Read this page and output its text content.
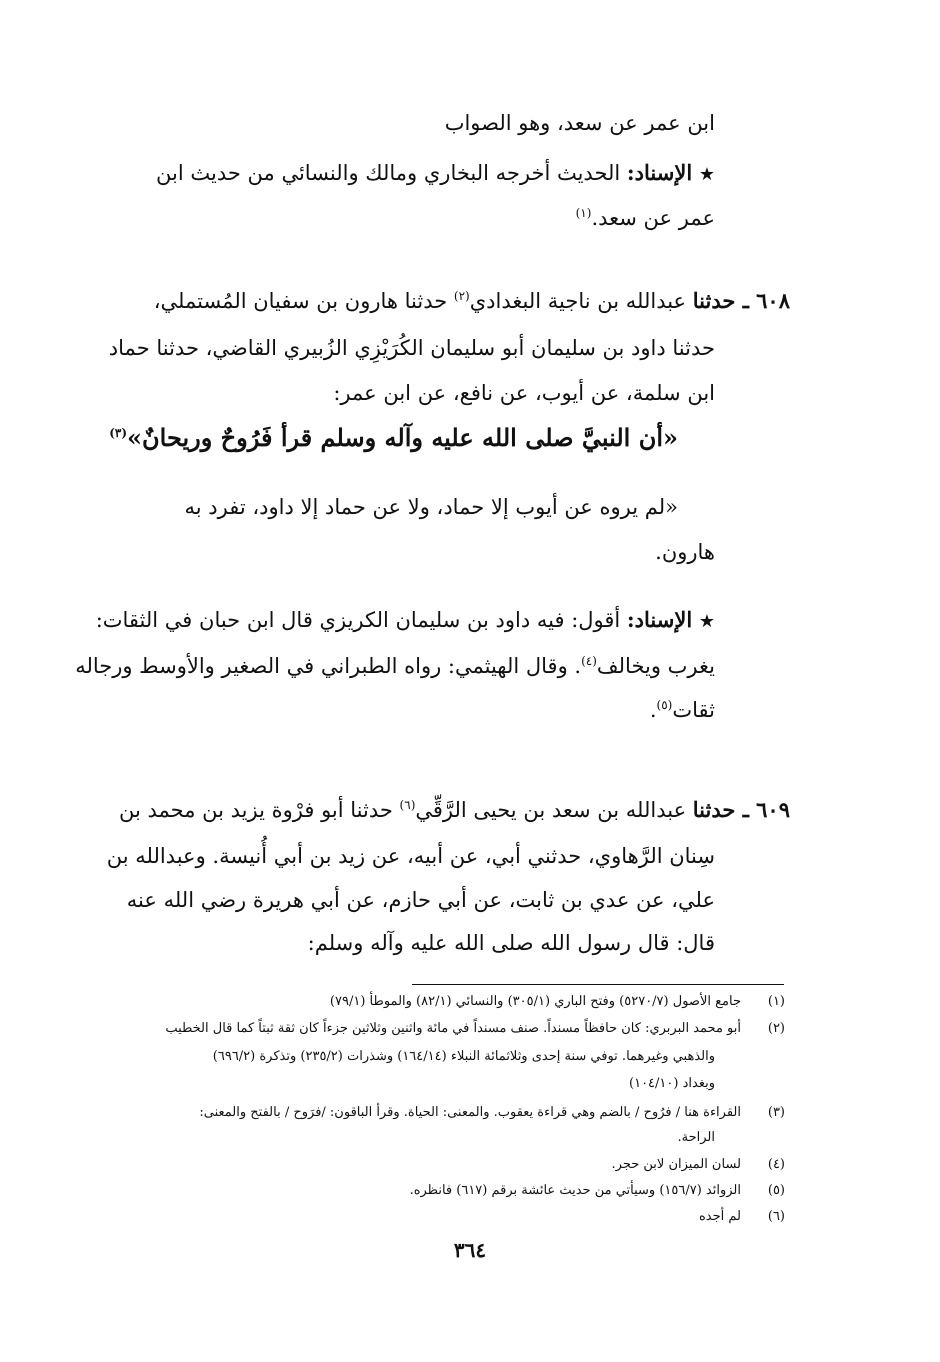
ابن عمر عن سعد، وهو الصواب
★ الإسناد: الحديث أخرجه البخاري ومالك والنسائي من حديث ابن
عمر عن سعد.$^{(١)}$
٦٠٨ ـ حدثنا عبدالله بن ناجية البغدادي$^{(٢)}$ حدثنا هارون بن سفيان المُستملي،
حدثنا داود بن سليمان أبو سليمان الكُرَيْزِي الزُبيري القاضي، حدثنا حماد
ابن سلمة، عن أيوب، عن نافع، عن ابن عمر:
«أن النبيَّ صلى الله عليه وآله وسلم قرأ فَرُوحٌ وريحانٌ»$^{(٣)}$
«لم يروه عن أيوب إلا حماد، ولا عن حماد إلا داود، تفرد به
هارون.
★ الإسناد: أقول: فيه داود بن سليمان الكريزي قال ابن حبان في الثقات:
يغرب ويخالف$^{(٤)}$. وقال الهيثمي: رواه الطبراني في الصغير والأوسط ورجاله
ثقات$^{(٥)}$.
٦٠٩ ـ حدثنا عبدالله بن سعد بن يحيى الرَّقِّي$^{(٦)}$ حدثنا أبو فرْوة يزيد بن محمد بن
سِنان الرَّهاوي، حدثني أبي، عن أبيه، عن زيد بن أبي أُنيسة. وعبدالله بن
علي، عن عدي بن ثابت، عن أبي حازم، عن أبي هريرة رضي الله عنه
قال: قال رسول الله صلى الله عليه وآله وسلم:
(١)جامع الأصول (٥٢٧٠/٧) وفتح الباري (٣٠٥/١) والنسائي (٨٢/١) والموطأ (٧٩/١)
(٢)أبو محمد البربري: كان حافظاً مسنداً. صنف مسنداً في مائة واثنين وثلاثين جزءاً كان ثقة ثبتاً كما قال الخطيب
والذهبي وغيرهما. توفي سنة إحدى وثلاثمائة النبلاء (١٦٤/١٤) وشذرات (٢٣٥/٢) وتذكرة (٦٩٦/٢)
وبغداد (١٠٤/١٠)
(٣)القراءة هنا / فرُوح / بالضم وهي قراءة يعقوب. والمعنى: الحياة. وقرأ الباقون: /فرَوح / بالفتح والمعنى:
الراحة.
(٤)لسان الميزان لابن حجر.
(٥)الزوائد (١٥٦/٧) وسيأتي من حديث عائشة برقم (٦١٧) فانظره.
(٦)لم أجده
٣٦٤
